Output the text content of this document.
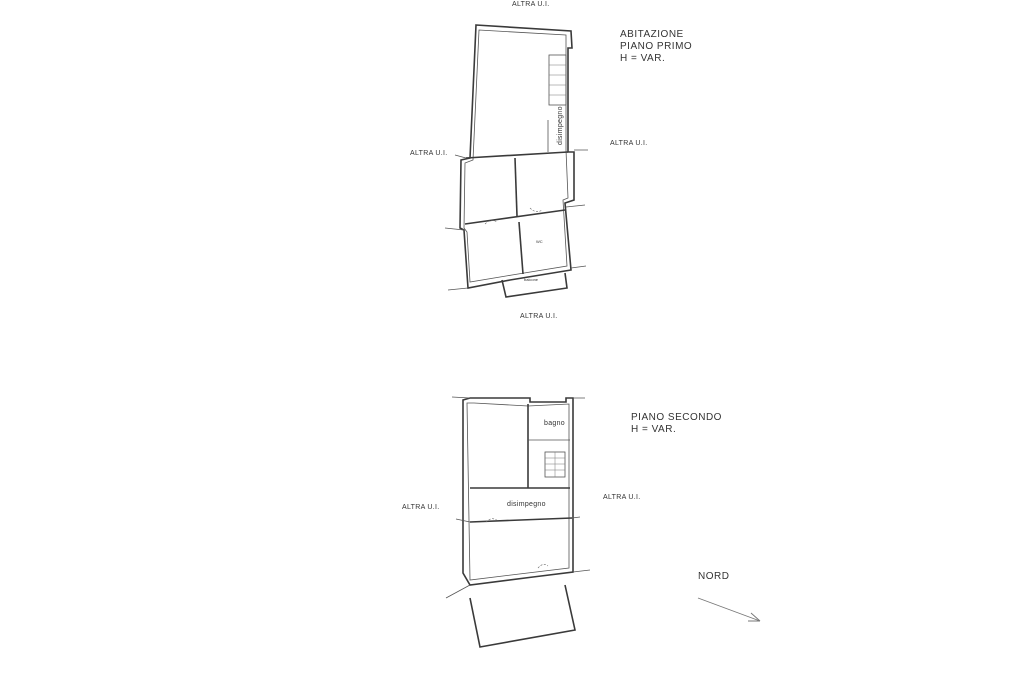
ALTRA U.I.
ABITAZIONE
PIANO PRIMO
H = VAR.
ALTRA U.I.
ALTRA U.I.
ALTRA U.I.
WC
disimpegno
balcone
PIANO SECONDO
H = VAR.
ALTRA U.I.
ALTRA U.I.
bagno
disimpegno
NORD
